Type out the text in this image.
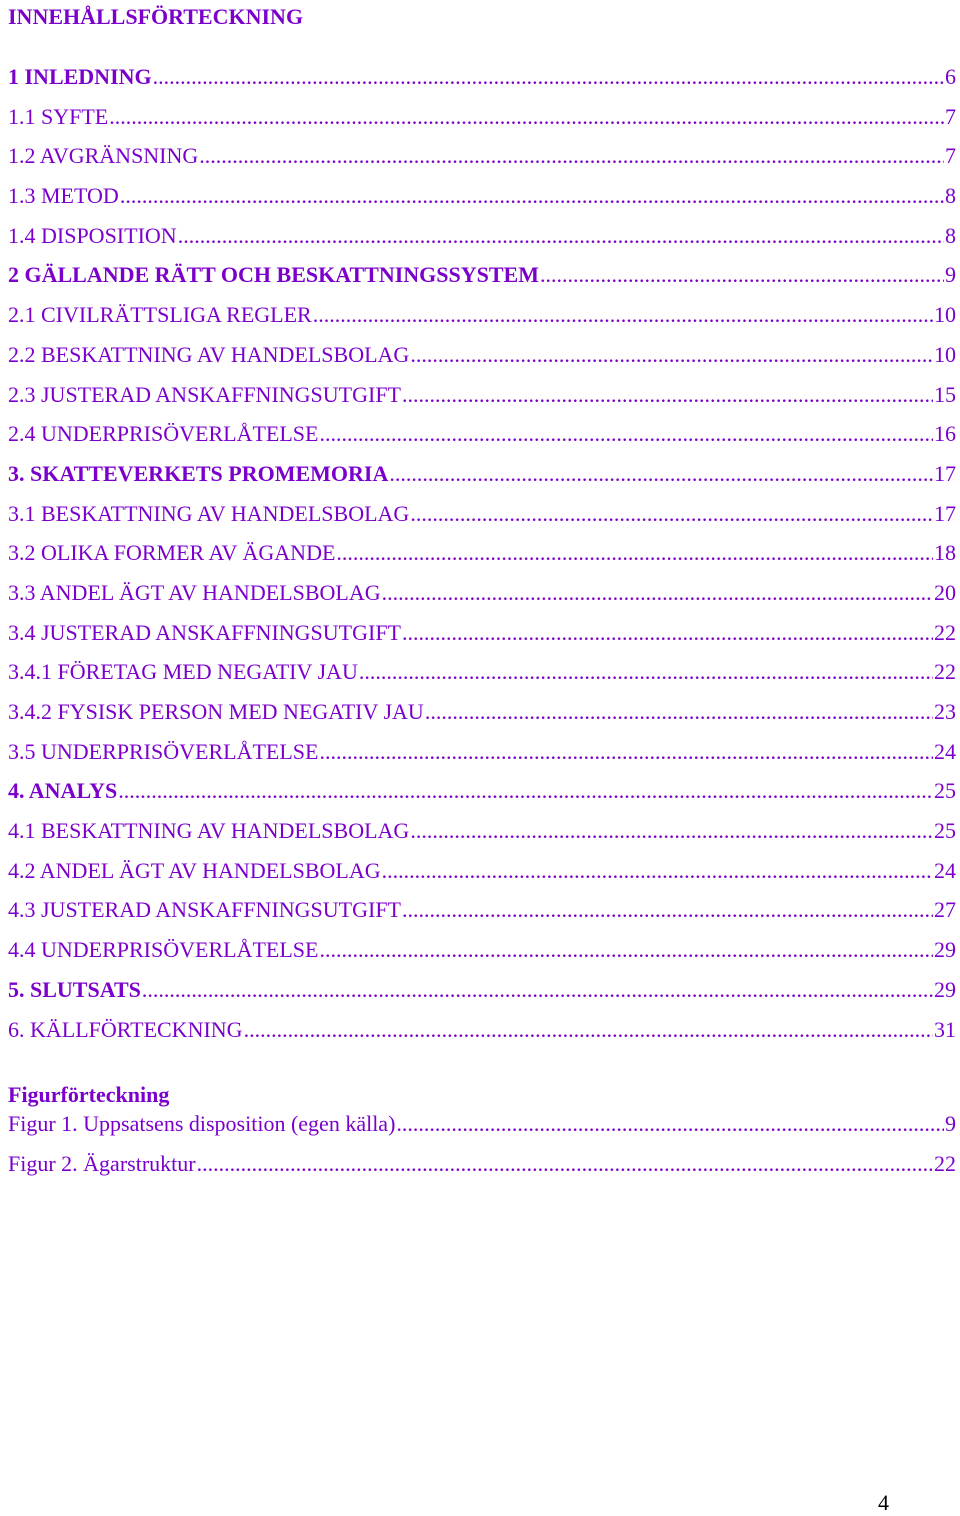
INNEHÅLLSFÖRTECKNING
1 INLEDNING .....	6
1.1 SYFTE .....	7
1.2 AVGRÄNSNING .....	7
1.3 METOD .....	8
1.4 DISPOSITION .....	8
2 GÄLLANDE RÄTT OCH BESKATTNINGSSYSTEM .....	9
2.1 CIVILRÄTTSLIGA REGLER .....	10
2.2 BESKATTNING AV HANDELSBOLAG .....	10
2.3 JUSTERAD ANSKAFFNINGSUTGIFT .....	15
2.4 UNDERPRISÖVERLÅTELSE .....	16
3. SKATTEVERKETS PROMEMORIA .....	17
3.1 BESKATTNING AV HANDELSBOLAG .....	17
3.2 OLIKA FORMER AV ÄGANDE .....	18
3.3 ANDEL ÄGT AV HANDELSBOLAG .....	20
3.4 JUSTERAD ANSKAFFNINGSUTGIFT .....	22
3.4.1 FÖRETAG MED NEGATIV JAU .....	22
3.4.2 FYSISK PERSON MED NEGATIV JAU .....	23
3.5 UNDERPRISÖVERLÅTELSE .....	24
4. ANALYS .....	25
4.1 BESKATTNING AV HANDELSBOLAG .....	25
4.2 ANDEL ÄGT AV HANDELSBOLAG .....	24
4.3 JUSTERAD ANSKAFFNINGSUTGIFT .....	27
4.4 UNDERPRISÖVERLÅTELSE .....	29
5. SLUTSATS .....	29
6. KÄLLFÖRTECKNING .....	31
Figurförteckning
Figur 1. Uppsatsens disposition (egen källa) .....	9
Figur 2. Ägarstruktur .....	22
4
